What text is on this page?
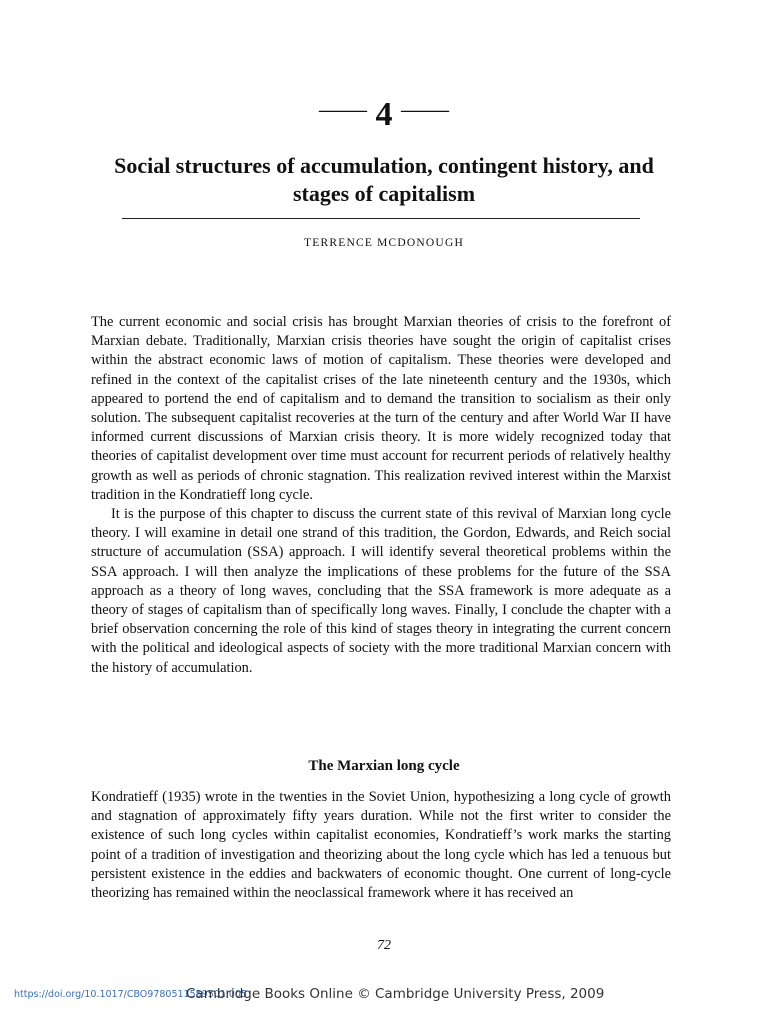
—— 4 ——
Social structures of accumulation, contingent history, and stages of capitalism
TERRENCE MCDONOUGH

The current economic and social crisis has brought Marxian theories of crisis to the forefront of Marxian debate. Traditionally, Marxian crisis theories have sought the origin of capitalist crises within the abstract economic laws of motion of capitalism. These theories were developed and refined in the context of the capitalist crises of the late nineteenth century and the 1930s, which appeared to portend the end of capitalism and to demand the transition to socialism as their only solution. The subsequent capitalist recoveries at the turn of the century and after World War II have informed current discussions of Marxian crisis theory. It is more widely recognized today that theories of capitalist development over time must account for recurrent periods of relatively healthy growth as well as periods of chronic stagnation. This realization revived interest within the Marxist tradition in the Kondratieff long cycle.

It is the purpose of this chapter to discuss the current state of this revival of Marxian long cycle theory. I will examine in detail one strand of this tradition, the Gordon, Edwards, and Reich social structure of accumulation (SSA) approach. I will identify several theoretical problems within the SSA approach. I will then analyze the implications of these problems for the future of the SSA approach as a theory of long waves, concluding that the SSA framework is more adequate as a theory of stages of capitalism than of specifically long waves. Finally, I conclude the chapter with a brief observation concerning the role of this kind of stages theory in integrating the current concern with the political and ideological aspects of society with the more traditional Marxian concern with the history of accumulation.

The Marxian long cycle

Kondratieff (1935) wrote in the twenties in the Soviet Union, hypothesizing a long cycle of growth and stagnation of approximately fifty years duration. While not the first writer to consider the existence of such long cycles within capitalist economies, Kondratieff’s work marks the starting point of a tradition of investigation and theorizing about the long cycle which has led a tenuous but persistent existence in the eddies and backwaters of economic thought. One current of long-cycle theorizing has remained within the neoclassical framework where it has received an

72
https://doi.org/10.1017/CBO9780511559501.005
Cambridge Books Online © Cambridge University Press, 2009
